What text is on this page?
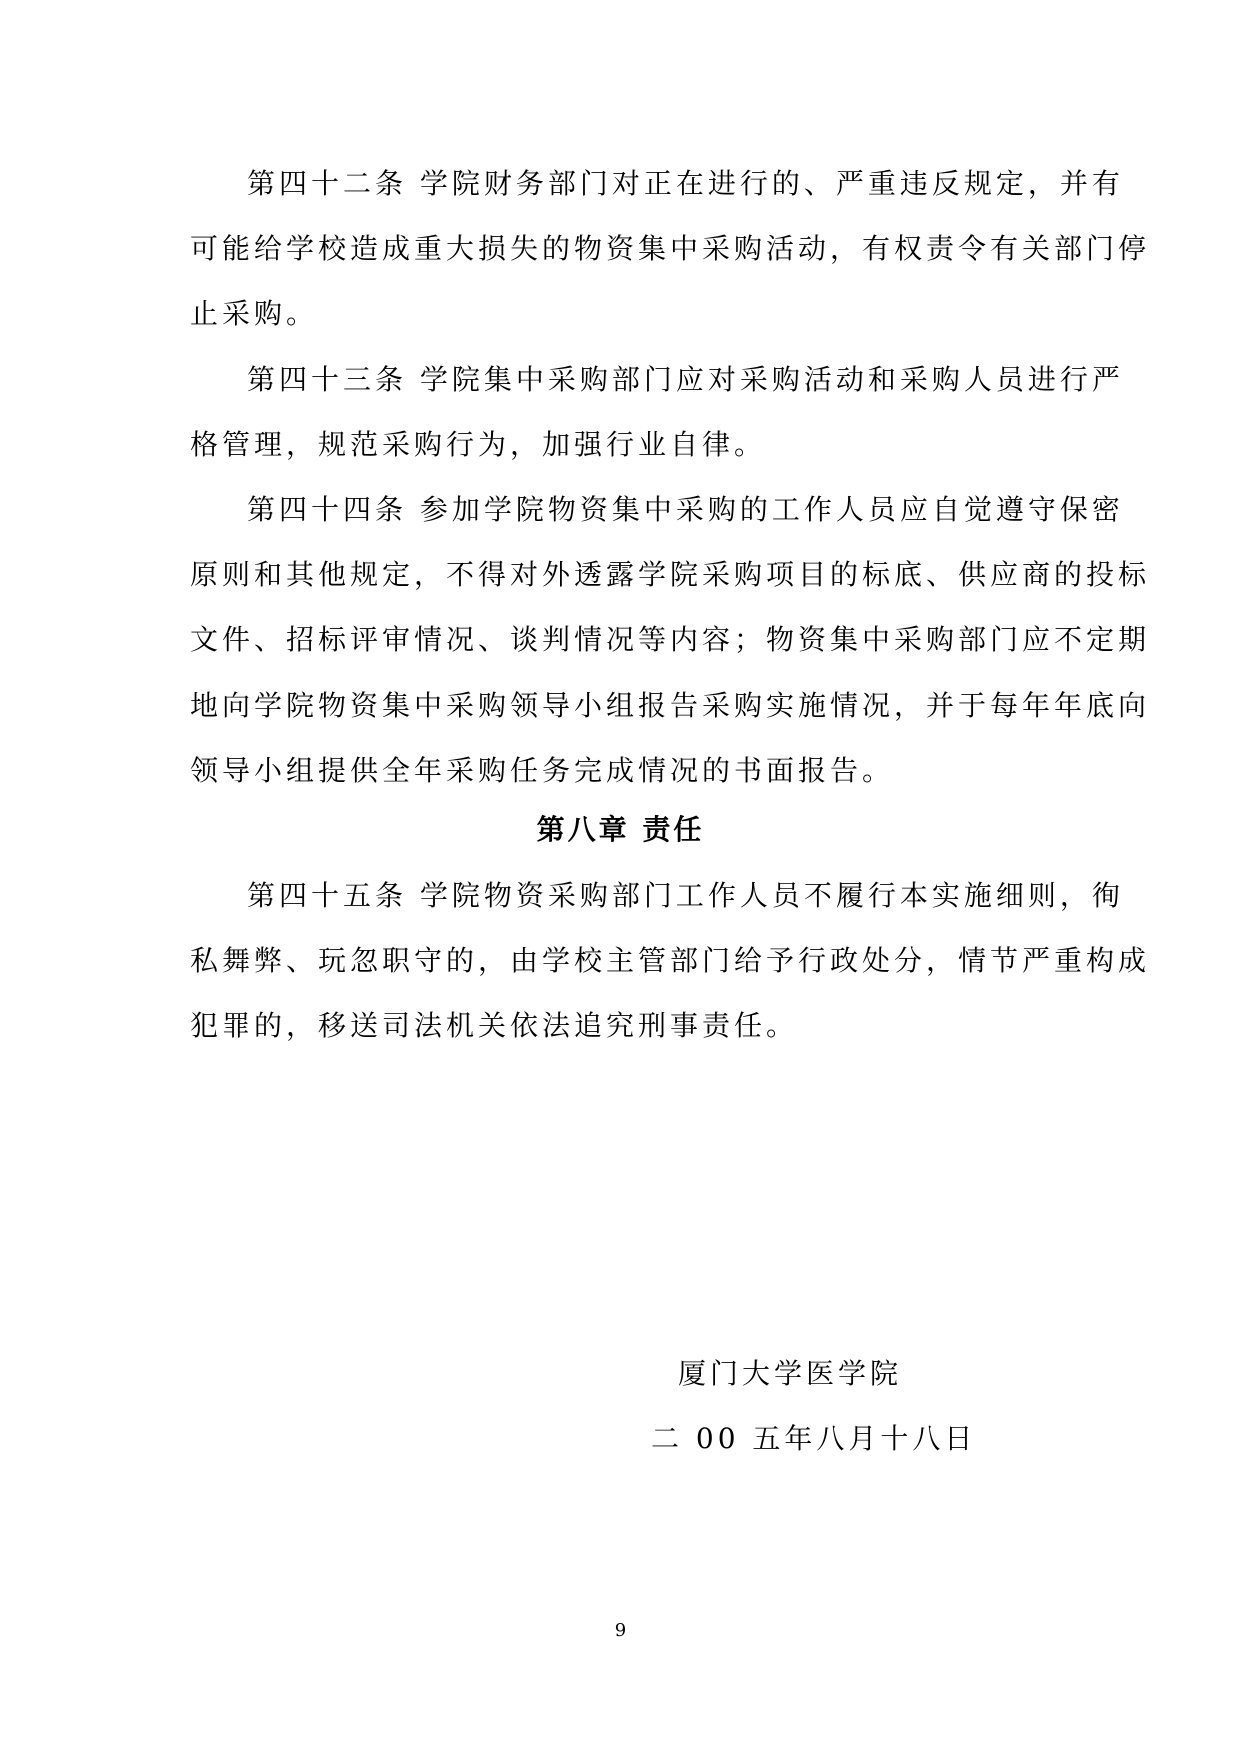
第四十二条 学院财务部门对正在进行的、严重违反规定，并有
可能给学校造成重大损失的物资集中采购活动，有权责令有关部门停
止采购。
第四十三条 学院集中采购部门应对采购活动和采购人员进行严
格管理，规范采购行为，加强行业自律。
第四十四条 参加学院物资集中采购的工作人员应自觉遵守保密
原则和其他规定，不得对外透露学院采购项目的标底、供应商的投标
文件、招标评审情况、谈判情况等内容；物资集中采购部门应不定期
地向学院物资集中采购领导小组报告采购实施情况，并于每年年底向
领导小组提供全年采购任务完成情况的书面报告。
第八章 责任
第四十五条 学院物资采购部门工作人员不履行本实施细则，徇
私舞弊、玩忽职守的，由学校主管部门给予行政处分，情节严重构成
犯罪的，移送司法机关依法追究刑事责任。
厦门大学医学院
二 00 五年八月十八日
9
